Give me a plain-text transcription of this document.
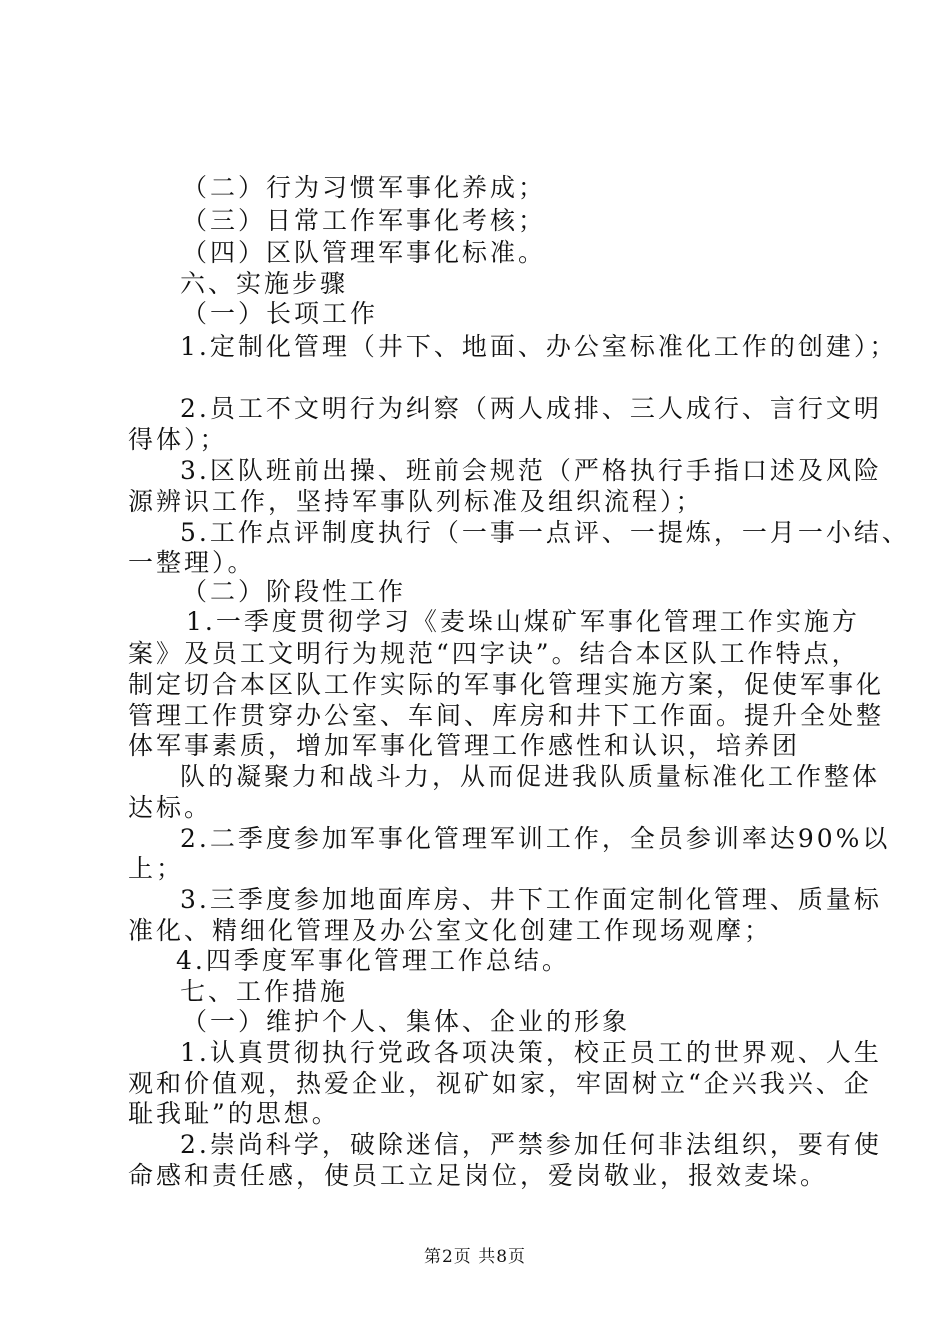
（二）行为习惯军事化养成；
（三）日常工作军事化考核；
（四）区队管理军事化标准。
六、实施步骤
（一）长项工作
1.定制化管理（井下、地面、办公室标准化工作的创建）；
2.员工不文明行为纠察（两人成排、三人成行、言行文明
得体）；
3.区队班前出操、班前会规范（严格执行手指口述及风险
源辨识工作，坚持军事队列标准及组织流程）；
5.工作点评制度执行（一事一点评、一提炼，一月一小结、
一整理）。
（二）阶段性工作
1.一季度贯彻学习《麦垛山煤矿军事化管理工作实施方
案》及员工文明行为规范“四字诀”。结合本区队工作特点，
制定切合本区队工作实际的军事化管理实施方案，促使军事化
管理工作贯穿办公室、车间、库房和井下工作面。提升全处整
体军事素质，增加军事化管理工作感性和认识，培养团
队的凝聚力和战斗力，从而促进我队质量标准化工作整体
达标。
2.二季度参加军事化管理军训工作，全员参训率达90%以
上；
3.三季度参加地面库房、井下工作面定制化管理、质量标
准化、精细化管理及办公室文化创建工作现场观摩；
4.四季度军事化管理工作总结。
七、工作措施
（一）维护个人、集体、企业的形象
1.认真贯彻执行党政各项决策，校正员工的世界观、人生
观和价值观，热爱企业，视矿如家，牢固树立“企兴我兴、企
耻我耻”的思想。
2.崇尚科学，破除迷信，严禁参加任何非法组织，要有使
命感和责任感，使员工立足岗位，爱岗敬业，报效麦垛。
第2页 共8页
